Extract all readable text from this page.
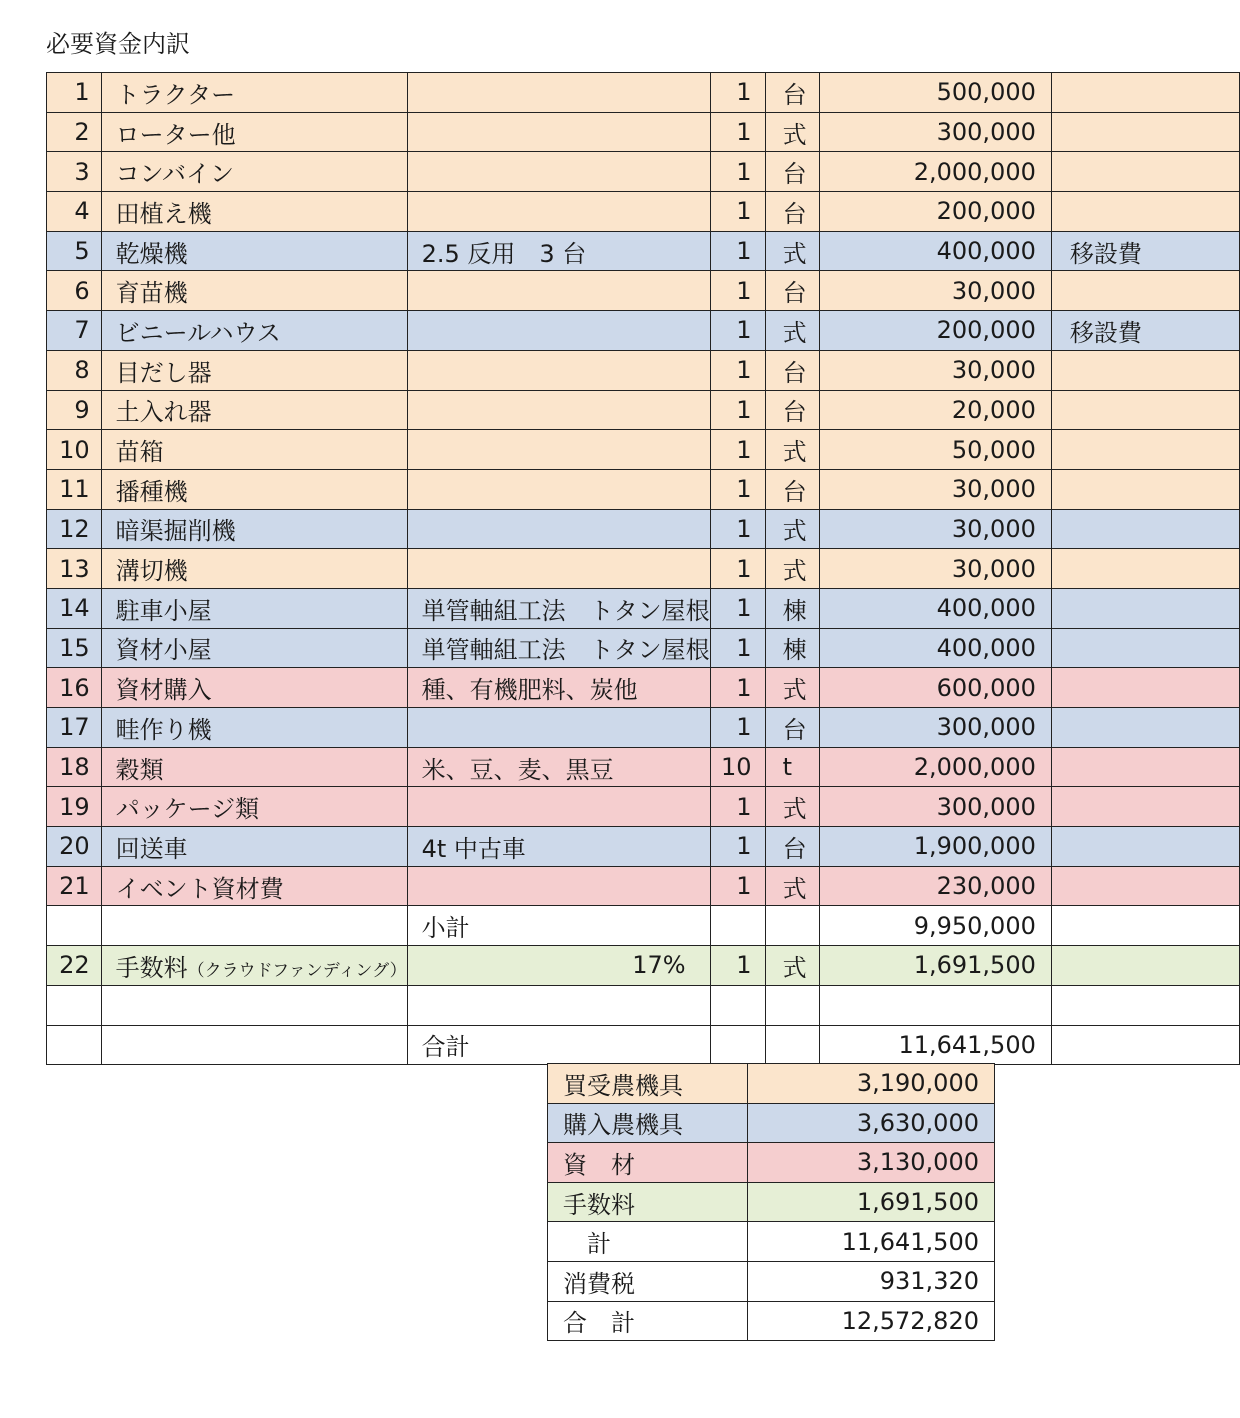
必要資金内訳
1	トラクター		1	台	500,000	
2	ローター他		1	式	300,000	
3	コンバイン		1	台	2,000,000	
4	田植え機		1	台	200,000	
5	乾燥機	2.5 反用　3 台	1	式	400,000	移設費
6	育苗機		1	台	30,000	
7	ビニールハウス		1	式	200,000	移設費
8	目だし器		1	台	30,000	
9	土入れ器		1	台	20,000	
10	苗箱		1	式	50,000	
11	播種機		1	台	30,000	
12	暗渠掘削機		1	式	30,000	
13	溝切機		1	式	30,000	
14	駐車小屋	単管軸組工法　トタン屋根	1	棟	400,000	
15	資材小屋	単管軸組工法　トタン屋根	1	棟	400,000	
16	資材購入	種、有機肥料、炭他	1	式	600,000	
17	畦作り機		1	台	300,000	
18	穀類	米、豆、麦、黒豆	10	t	2,000,000	
19	パッケージ類		1	式	300,000	
20	回送車	4t 中古車	1	台	1,900,000	
21	イベント資材費		1	式	230,000	
		小計			9,950,000	
22	手数料（クラウドファンディング）	17%	1	式	1,691,500	

		合計			11,641,500	
買受農機具	3,190,000
購入農機具	3,630,000
資　材	3,130,000
手数料	1,691,500
　計	11,641,500
消費税	931,320
合　計	12,572,820
